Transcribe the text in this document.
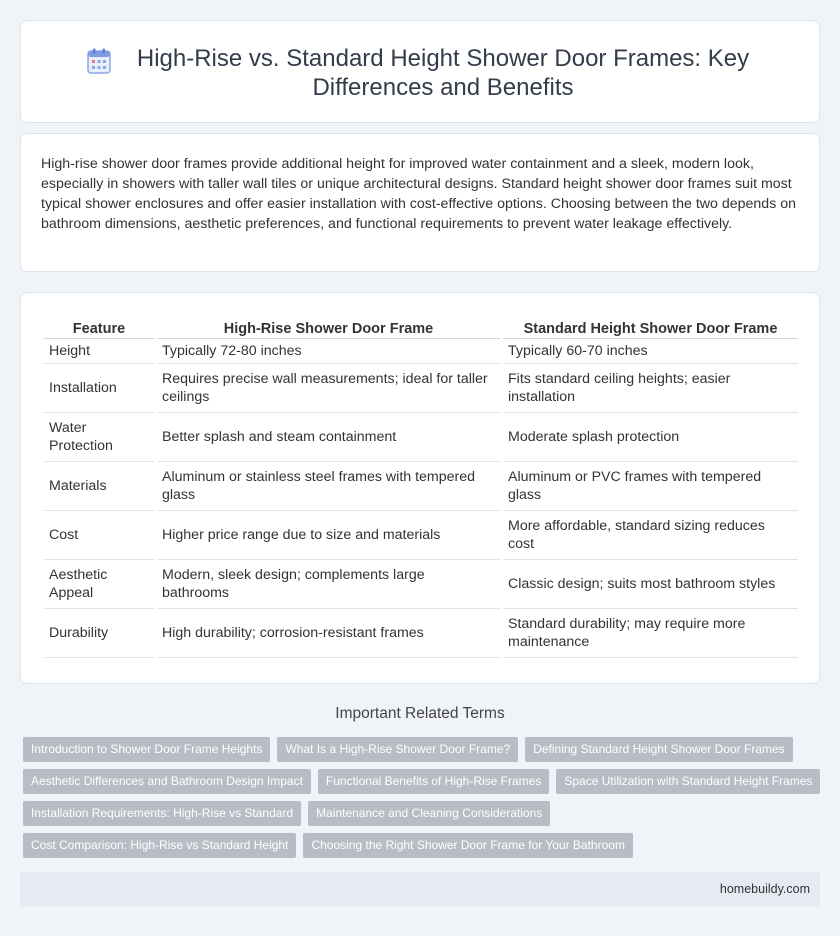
High-Rise vs. Standard Height Shower Door Frames: Key Differences and Benefits

High-rise shower door frames provide additional height for improved water containment and a sleek, modern look, especially in showers with taller wall tiles or unique architectural designs. Standard height shower door frames suit most typical shower enclosures and offer easier installation with cost-effective options. Choosing between the two depends on bathroom dimensions, aesthetic preferences, and functional requirements to prevent water leakage effectively.

Feature	High-Rise Shower Door Frame	Standard Height Shower Door Frame
Height	Typically 72-80 inches	Typically 60-70 inches
Installation	Requires precise wall measurements; ideal for taller ceilings	Fits standard ceiling heights; easier installation
Water Protection	Better splash and steam containment	Moderate splash protection
Materials	Aluminum or stainless steel frames with tempered glass	Aluminum or PVC frames with tempered glass
Cost	Higher price range due to size and materials	More affordable, standard sizing reduces cost
Aesthetic Appeal	Modern, sleek design; complements large bathrooms	Classic design; suits most bathroom styles
Durability	High durability; corrosion-resistant frames	Standard durability; may require more maintenance
Important Related Terms
Introduction to Shower Door Frame Heights	What Is a High-Rise Shower Door Frame?	Defining Standard Height Shower Door Frames
Aesthetic Differences and Bathroom Design Impact	Functional Benefits of High-Rise Frames	Space Utilization with Standard Height Frames
Installation Requirements: High-Rise vs Standard	Maintenance and Cleaning Considerations
Cost Comparison: High-Rise vs Standard Height	Choosing the Right Shower Door Frame for Your Bathroom
homebuildy.com
